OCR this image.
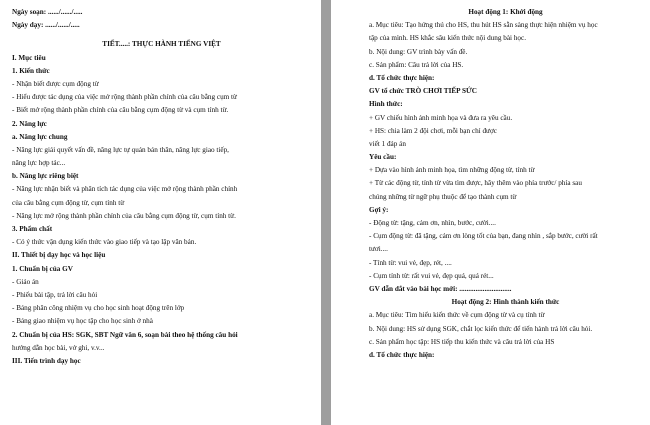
Ngày soạn: ....../....../.....
Ngày dạy: ....../....../.....
TIẾT.....: THỰC HÀNH TIẾNG VIỆT
I. Mục tiêu
1. Kiến thức
- Nhận biết được cụm động từ
- Hiểu được tác dụng của việc mở rộng thành phần chính của câu bằng cụm từ
- Biết mở rộng thành phần chính của câu bằng cụm động từ và cụm tính từ.
2. Năng lực
a. Năng lực chung
- Năng lực giải quyết vấn đề, năng lực tự quản bản thân, năng lực giao tiếp,
năng lực hợp tác...
b. Năng lực riêng biệt
- Năng lực nhận biết và phân tích tác dụng của việc mở rộng thành phần chính
của câu bằng cụm động từ, cụm tính từ
- Năng lực mở rộng thành phần chính của câu bằng cụm động từ, cụm tính từ.
3. Phẩm chất
- Có ý thức vận dụng kiến thức vào giao tiếp và tạo lập văn bản.
II. Thiết bị dạy học và học liệu
1. Chuẩn bị của GV
- Giáo án
- Phiếu bài tập, trả lời câu hỏi
- Bảng phân công nhiệm vụ cho học sinh hoạt động trên lớp
- Bảng giao nhiệm vụ học tập cho học sinh ở nhà
2. Chuẩn bị của HS: SGK, SBT Ngữ văn 6, soạn bài theo hệ thống câu hỏi
hướng dẫn học bài, vở ghi, v.v...
III. Tiến trình dạy học
Hoạt động 1: Khởi động
a. Mục tiêu: Tạo hứng thú cho HS, thu hút HS sẵn sàng thực hiện nhiệm vụ học
tập của mình. HS khắc sâu kiến thức nội dung bài học.
b. Nội dung: GV trình bày vấn đề.
c. Sản phẩm: Câu trả lời của HS.
d. Tổ chức thực hiện:
GV tổ chức TRÒ CHƠI TIẾP SỨC
Hình thức:
+ GV chiếu hình ảnh minh họa và đưa ra yêu cầu.
+ HS: chia làm 2 đội chơi, mỗi bạn chỉ được
viết 1 đáp án
Yêu cầu:
+ Dựa vào hình ảnh minh họa, tìm những động từ, tính từ
+ Từ các động từ, tính từ vừa tìm được, hãy thêm vào phía trước/ phía sau
chúng những từ ngữ phụ thuộc để tạo thành cụm từ
Gợi ý:
- Động từ: tặng, cảm ơn, nhìn, bước, cười....
- Cụm động từ: đã tặng, cảm ơn lòng tốt của bạn, đang nhìn , sắp bước, cười rất
tươi....
- Tính từ: vui vẻ, đẹp, rét, ....
- Cụm tính từ: rất vui vẻ, đẹp quá, quá rét...
GV dẫn dắt vào bài học mới: .............................
Hoạt động 2: Hình thành kiến thức
a. Mục tiêu: Tìm hiểu kiến thức về cụm động từ và cụ tính từ
b. Nội dung: HS sử dụng SGK, chắt lọc kiến thức để tiến hành trả lời câu hỏi.
c. Sản phẩm học tập: HS tiếp thu kiến thức và câu trả lời của HS
d. Tổ chức thực hiện:
